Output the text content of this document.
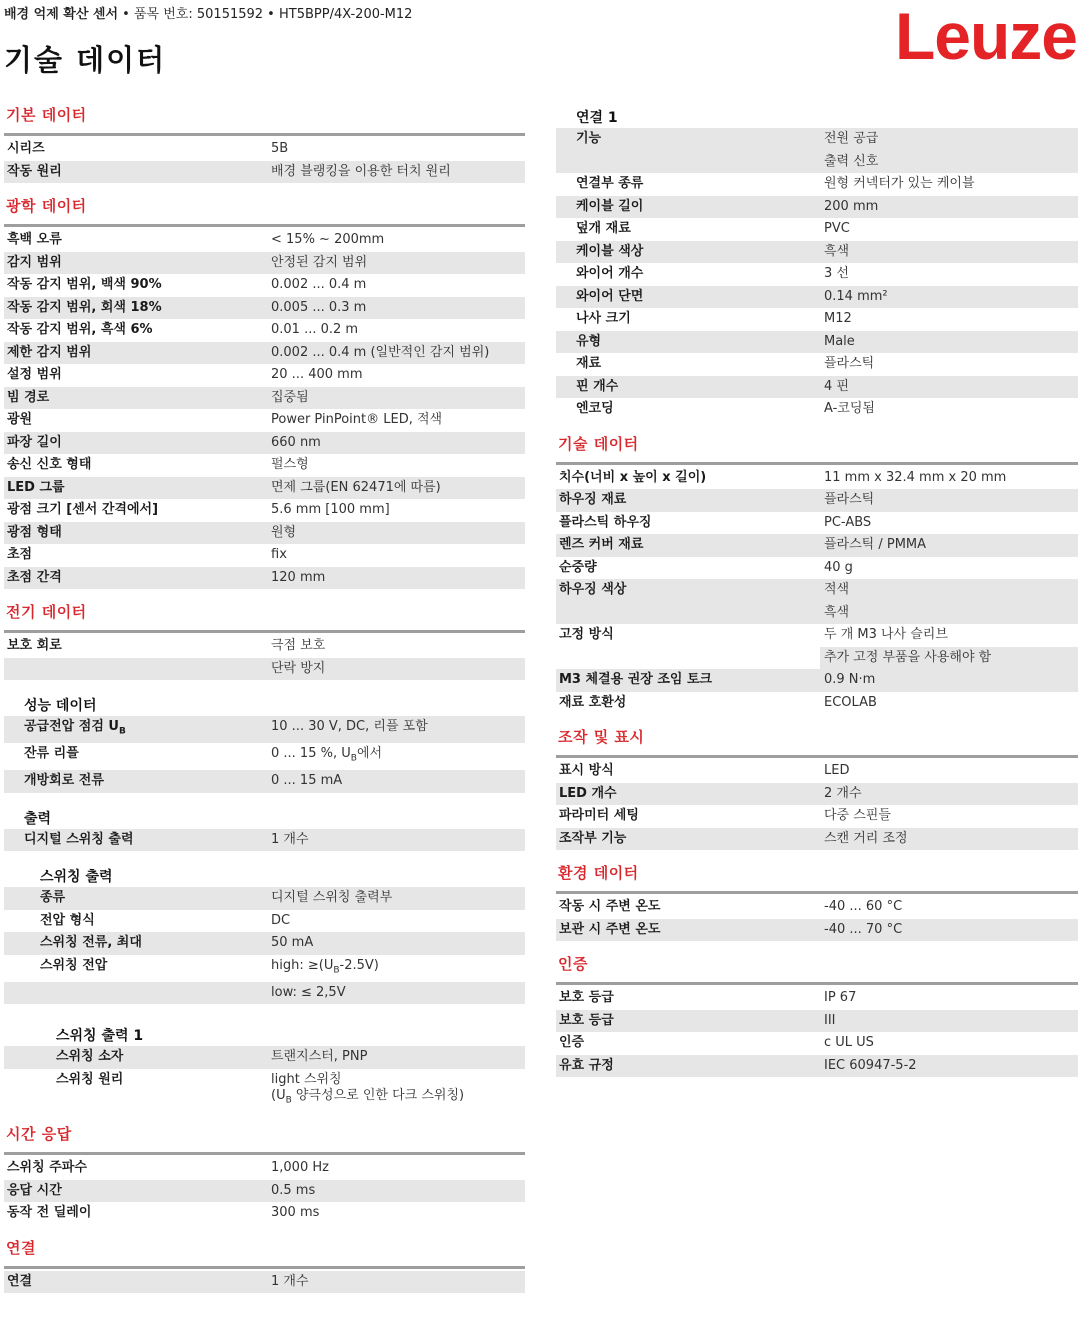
배경 억제 확산 센서 • 품목 번호: 50151592 • HT5BPP/4X-200-M12
기술 데이터	Leuze
기본 데이터
시리즈	5B
작동 원리	배경 블랭킹을 이용한 터치 원리
광학 데이터
흑백 오류	< 15% ~ 200mm
감지 범위	안정된 감지 범위
작동 감지 범위, 백색 90%	0.002 ... 0.4 m
작동 감지 범위, 회색 18%	0.005 ... 0.3 m
작동 감지 범위, 흑색 6%	0.01 ... 0.2 m
제한 감지 범위	0.002 ... 0.4 m (일반적인 감지 범위)
설정 범위	20 ... 400 mm
빔 경로	집중됨
광원	Power PinPoint® LED, 적색
파장 길이	660 nm
송신 신호 형태	펄스형
LED 그룹	면제 그룹(EN 62471에 따름)
광점 크기 [센서 간격에서]	5.6 mm [100 mm]
광점 형태	원형
초점	fix
초점 간격	120 mm
전기 데이터
보호 회로	극점 보호
단락 방지
성능 데이터
공급전압 점검 $U_B$	10 ... 30 V, DC, 리플 포함
잔류 리플	0 ... 15 %, $U_B$에서
개방회로 전류	0 ... 15 mA
출력
디지털 스위칭 출력	1 개수
스위칭 출력
종류	디지털 스위칭 출력부
전압 형식	DC
스위칭 전류, 최대	50 mA
스위칭 전압	high: $\ge(U_B-2.5V)$
low: ≤ 2,5V
스위칭 출력 1
스위칭 소자	트랜지스터, PNP
스위칭 원리	light 스위칭
($U_B$ 양극성으로 인한 다크 스위칭)
시간 응답
스위칭 주파수	1,000 Hz
응답 시간	0.5 ms
동작 전 딜레이	300 ms
연결
연결	1 개수
연결 1
기능	전원 공급
출력 신호
연결부 종류	원형 커넥터가 있는 케이블
케이블 길이	200 mm
덮개 재료	PVC
케이블 색상	흑색
와이어 개수	3 선
와이어 단면	0.14 mm²
나사 크기	M12
유형	Male
재료	플라스틱
핀 개수	4 핀
엔코딩	A-코딩됨
기술 데이터
치수(너비 x 높이 x 길이)	11 mm x 32.4 mm x 20 mm
하우징 재료	플라스틱
플라스틱 하우징	PC-ABS
렌즈 커버 재료	플라스틱 / PMMA
순중량	40 g
하우징 색상	적색
흑색
고정 방식	두 개 M3 나사 슬리브
추가 고정 부품을 사용해야 함
M3 체결용 권장 조임 토크	0.9 N·m
재료 호환성	ECOLAB
조작 및 표시
표시 방식	LED
LED 개수	2 개수
파라미터 세팅	다중 스핀들
조작부 기능	스캔 거리 조정
환경 데이터
작동 시 주변 온도	-40 ... 60 °C
보관 시 주변 온도	-40 ... 70 °C
인증
보호 등급	IP 67
보호 등급	III
인증	c UL US
유효 규정	IEC 60947-5-2
